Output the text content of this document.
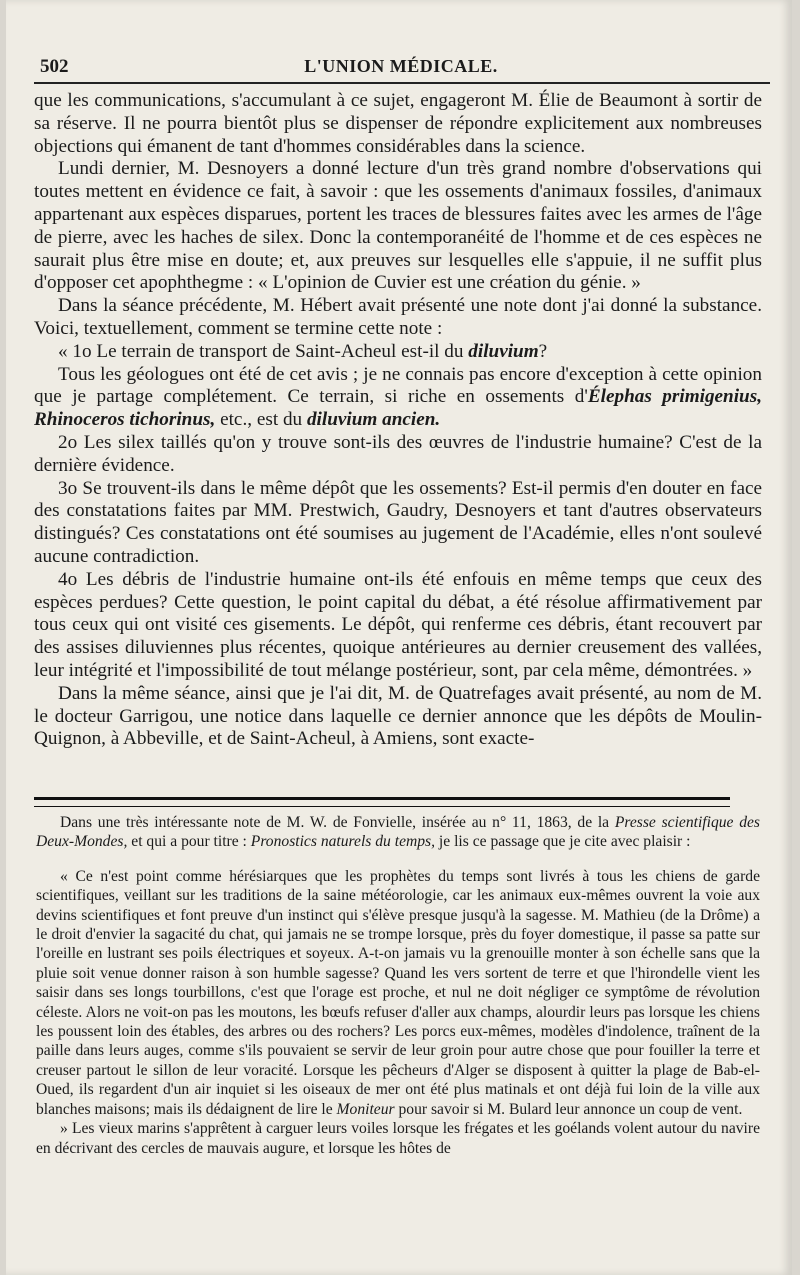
502	L'UNION MÉDICALE.

que les communications, s'accumulant à ce sujet, engageront M. Élie de Beaumont à sortir de sa réserve. Il ne pourra bientôt plus se dispenser de répondre explicitement aux nombreuses objections qui émanent de tant d'hommes considérables dans la science.

Lundi dernier, M. Desnoyers a donné lecture d'un très grand nombre d'observations qui toutes mettent en évidence ce fait, à savoir : que les ossements d'animaux fossiles, d'animaux appartenant aux espèces disparues, portent les traces de blessures faites avec les armes de l'âge de pierre, avec les haches de silex. Donc la contemporanéité de l'homme et de ces espèces ne saurait plus être mise en doute; et, aux preuves sur lesquelles elle s'appuie, il ne suffit plus d'opposer cet apophthegme : « L'opinion de Cuvier est une création du génie. »

Dans la séance précédente, M. Hébert avait présenté une note dont j'ai donné la substance. Voici, textuellement, comment se termine cette note :

« 1o Le terrain de transport de Saint-Acheul est-il du diluvium?

Tous les géologues ont été de cet avis ; je ne connais pas encore d'exception à cette opinion que je partage complétement. Ce terrain, si riche en ossements d'Élephas primigenius, Rhinoceros tichorinus, etc., est du diluvium ancien.

2o Les silex taillés qu'on y trouve sont-ils des œuvres de l'industrie humaine? C'est de la dernière évidence.

3o Se trouvent-ils dans le même dépôt que les ossements? Est-il permis d'en douter en face des constatations faites par MM. Prestwich, Gaudry, Desnoyers et tant d'autres observateurs distingués? Ces constatations ont été soumises au jugement de l'Académie, elles n'ont soulevé aucune contradiction.

4o Les débris de l'industrie humaine ont-ils été enfouis en même temps que ceux des espèces perdues? Cette question, le point capital du débat, a été résolue affirmativement par tous ceux qui ont visité ces gisements. Le dépôt, qui renferme ces débris, étant recouvert par des assises diluviennes plus récentes, quoique antérieures au dernier creusement des vallées, leur intégrité et l'impossibilité de tout mélange postérieur, sont, par cela même, démontrées. »

Dans la même séance, ainsi que je l'ai dit, M. de Quatrefages avait présenté, au nom de M. le docteur Garrigou, une notice dans laquelle ce dernier annonce que les dépôts de Moulin-Quignon, à Abbeville, et de Saint-Acheul, à Amiens, sont exacte-

Dans une très intéressante note de M. W. de Fonvielle, insérée au n° 11, 1863, de la Presse scientifique des Deux-Mondes, et qui a pour titre : Pronostics naturels du temps, je lis ce passage que je cite avec plaisir :

« Ce n'est point comme hérésiarques que les prophètes du temps sont livrés à tous les chiens de garde scientifiques, veillant sur les traditions de la saine météorologie, car les animaux eux-mêmes ouvrent la voie aux devins scientifiques et font preuve d'un instinct qui s'élève presque jusqu'à la sagesse. M. Mathieu (de la Drôme) a le droit d'envier la sagacité du chat, qui jamais ne se trompe lorsque, près du foyer domestique, il passe sa patte sur l'oreille en lustrant ses poils électriques et soyeux. A-t-on jamais vu la grenouille monter à son échelle sans que la pluie soit venue donner raison à son humble sagesse? Quand les vers sortent de terre et que l'hirondelle vient les saisir dans ses longs tourbillons, c'est que l'orage est proche, et nul ne doit négliger ce symptôme de révolution céleste. Alors ne voit-on pas les moutons, les bœufs refuser d'aller aux champs, alourdir leurs pas lorsque les chiens les poussent loin des étables, des arbres ou des rochers? Les porcs eux-mêmes, modèles d'indolence, traînent de la paille dans leurs auges, comme s'ils pouvaient se servir de leur groin pour autre chose que pour fouiller la terre et creuser partout le sillon de leur voracité. Lorsque les pêcheurs d'Alger se disposent à quitter la plage de Bab-el-Oued, ils regardent d'un air inquiet si les oiseaux de mer ont été plus matinals et ont déjà fui loin de la ville aux blanches maisons; mais ils dédaignent de lire le Moniteur pour savoir si M. Bulard leur annonce un coup de vent.

» Les vieux marins s'apprêtent à carguer leurs voiles lorsque les frégates et les goélands volent autour du navire en décrivant des cercles de mauvais augure, et lorsque les hôtes de
